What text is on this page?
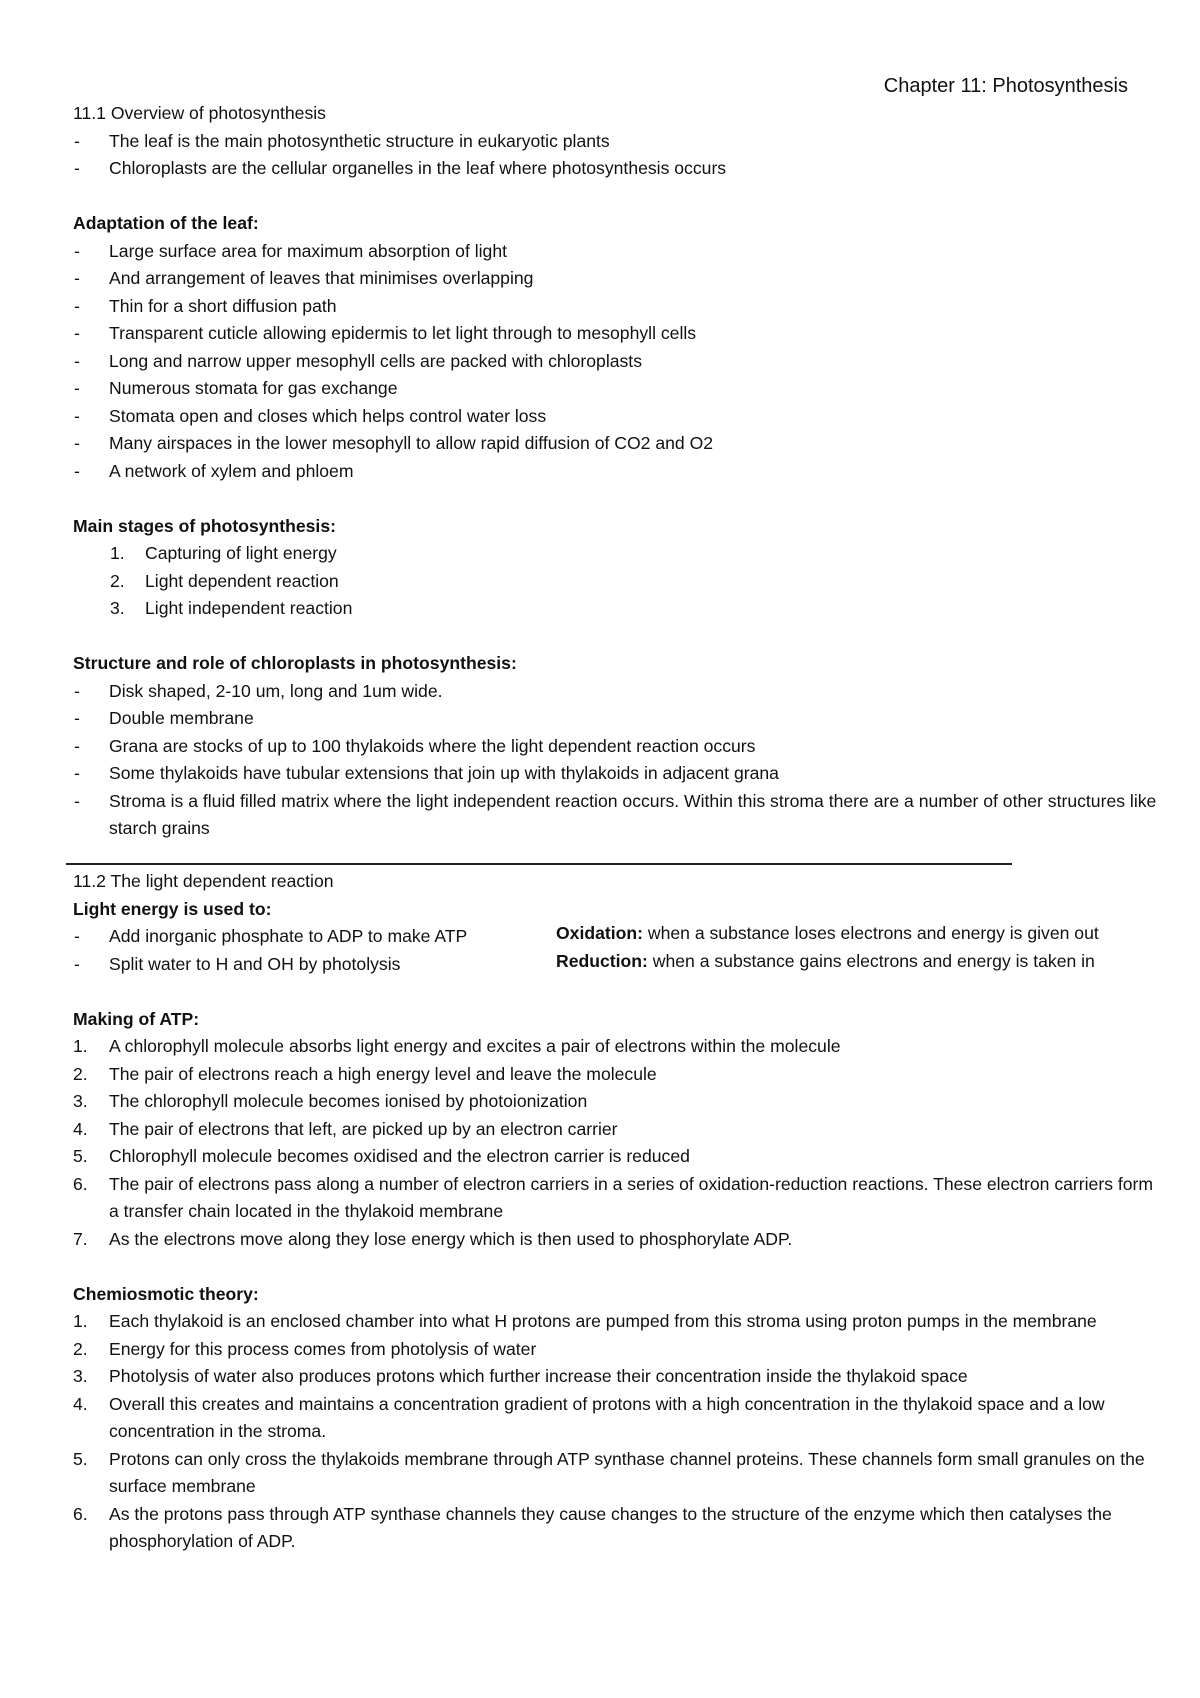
Chapter 11: Photosynthesis
11.1 Overview of photosynthesis
- The leaf is the main photosynthetic structure in eukaryotic plants
- Chloroplasts are the cellular organelles in the leaf where photosynthesis occurs
Adaptation of the leaf:
- Large surface area for maximum absorption of light
- And arrangement of leaves that minimises overlapping
- Thin for a short diffusion path
- Transparent cuticle allowing epidermis to let light through to mesophyll cells
- Long and narrow upper mesophyll cells are packed with chloroplasts
- Numerous stomata for gas exchange
- Stomata open and closes which helps control water loss
- Many airspaces in the lower mesophyll to allow rapid diffusion of CO2 and O2
- A network of xylem and phloem
Main stages of photosynthesis:
1. Capturing of light energy
2. Light dependent reaction
3. Light independent reaction
Structure and role of chloroplasts in photosynthesis:
- Disk shaped, 2-10 um, long and 1um wide.
- Double membrane
- Grana are stocks of up to 100 thylakoids where the light dependent reaction occurs
- Some thylakoids have tubular extensions that join up with thylakoids in adjacent grana
- Stroma is a fluid filled matrix where the light independent reaction occurs. Within this stroma there are a number of other structures like starch grains
11.2 The light dependent reaction
Light energy is used to:
- Add inorganic phosphate to ADP to make ATP
- Split water to H and OH by photolysis
Making of ATP:
1. A chlorophyll molecule absorbs light energy and excites a pair of electrons within the molecule
2. The pair of electrons reach a high energy level and leave the molecule
3. The chlorophyll molecule becomes ionised by photoionization
4. The pair of electrons that left, are picked up by an electron carrier
5. Chlorophyll molecule becomes oxidised and the electron carrier is reduced
6. The pair of electrons pass along a number of electron carriers in a series of oxidation-reduction reactions. These electron carriers form a transfer chain located in the thylakoid membrane
7. As the electrons move along they lose energy which is then used to phosphorylate ADP.
Chemiosmotic theory:
1. Each thylakoid is an enclosed chamber into what H protons are pumped from this stroma using proton pumps in the membrane
2. Energy for this process comes from photolysis of water
3. Photolysis of water also produces protons which further increase their concentration inside the thylakoid space
4. Overall this creates and maintains a concentration gradient of protons with a high concentration in the thylakoid space and a low concentration in the stroma.
5. Protons can only cross the thylakoids membrane through ATP synthase channel proteins. These channels form small granules on the surface membrane
6. As the protons pass through ATP synthase channels they cause changes to the structure of the enzyme which then catalyses the phosphorylation of ADP.
Oxidation: when a substance loses electrons and energy is given out
Reduction: when a substance gains electrons and energy is taken in
